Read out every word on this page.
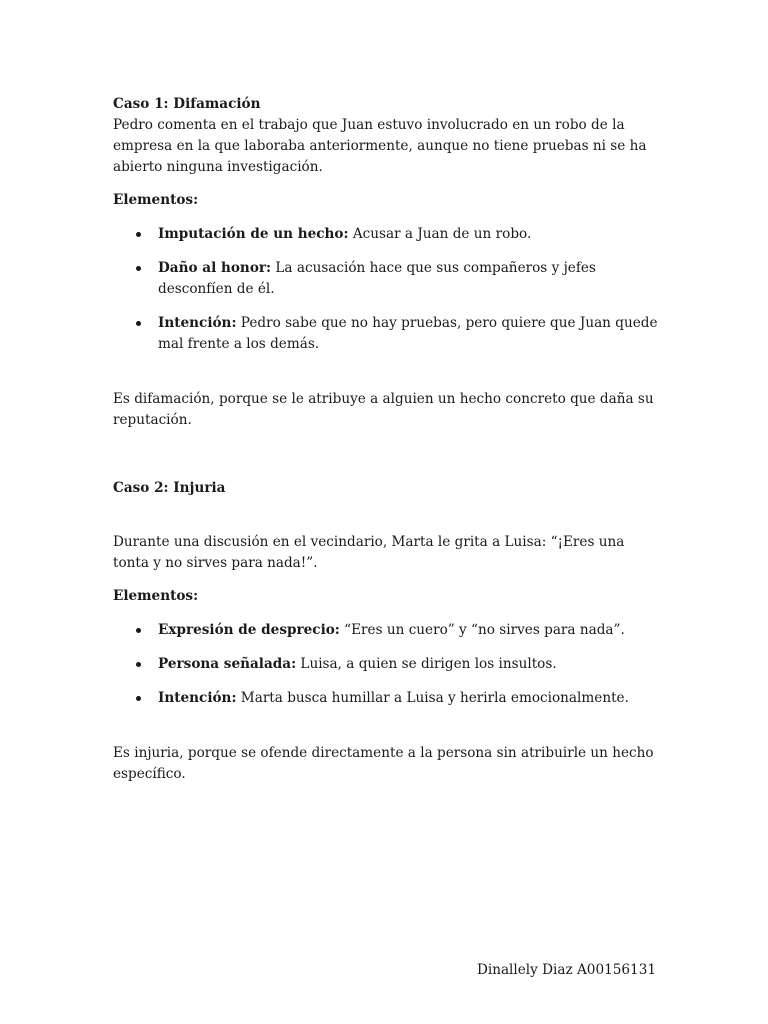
Caso 1: Difamación

Pedro comenta en el trabajo que Juan estuvo involucrado en un robo de la empresa en la que laboraba anteriormente, aunque no tiene pruebas ni se ha abierto ninguna investigación.

Elementos:

Imputación de un hecho: Acusar a Juan de un robo.
Daño al honor: La acusación hace que sus compañeros y jefes desconfíen de él.
Intención: Pedro sabe que no hay pruebas, pero quiere que Juan quede mal frente a los demás.

Es difamación, porque se le atribuye a alguien un hecho concreto que daña su reputación.

Caso 2: Injuria

Durante una discusión en el vecindario, Marta le grita a Luisa: “¡Eres una tonta y no sirves para nada!”.

Elementos:

Expresión de desprecio: “Eres un cuero” y “no sirves para nada”.
Persona señalada: Luisa, a quien se dirigen los insultos.
Intención: Marta busca humillar a Luisa y herirla emocionalmente.

Es injuria, porque se ofende directamente a la persona sin atribuirle un hecho específico.

Dinallely Diaz A00156131
